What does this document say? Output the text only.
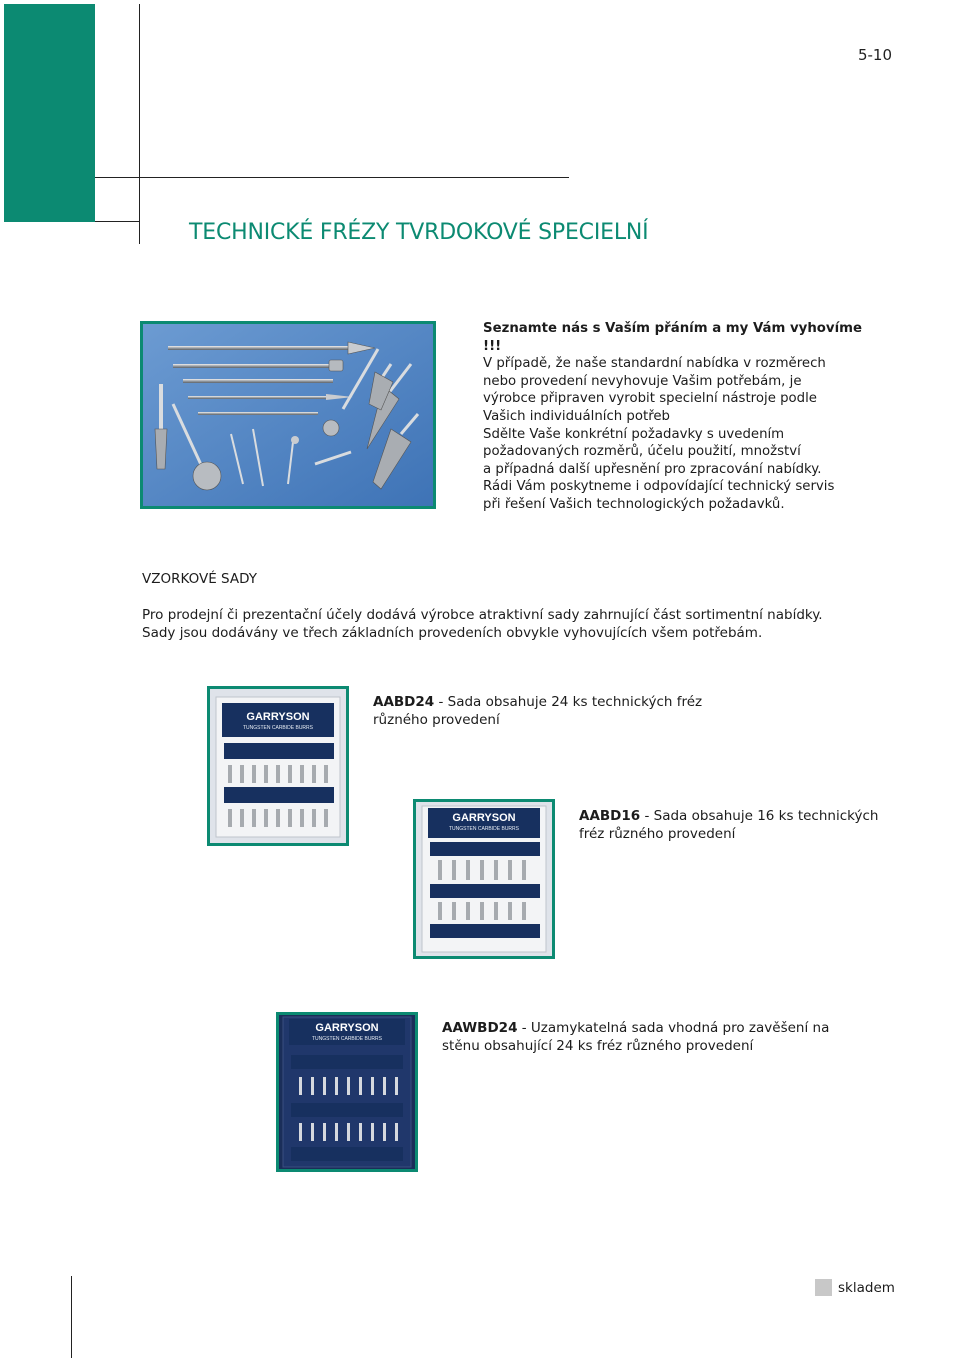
5-10
TECHNICKÉ FRÉZY TVRDOKOVÉ SPECIELNÍ
Seznamte nás s Vaším přáním a my Vám vyhovíme !!!
V případě, že naše standardní nabídka v rozměrech
nebo provedení nevyhovuje Vašim potřebám, je
výrobce připraven vyrobit specielní nástroje podle
Vašich individuálních potřeb
Sdělte Vaše konkrétní požadavky s uvedením
požadovaných rozměrů, účelu použití, množství
a případná další upřesnění pro zpracování nabídky.
Rádi Vám poskytneme i odpovídající technický servis
při řešení Vašich technologických požadavků.
VZORKOVÉ SADY
Pro prodejní či prezentační účely dodává výrobce atraktivní sady zahrnující část sortimentní nabídky.
Sady jsou dodávány ve třech základních provedeních obvykle vyhovujících všem potřebám.
GARRYSON
TUNGSTEN CARBIDE BURRS
AABD24 - Sada obsahuje 24 ks technických fréz
různého provedení
GARRYSON
TUNGSTEN CARBIDE BURRS
AABD16 - Sada obsahuje 16 ks technických
fréz různého provedení
GARRYSON
TUNGSTEN CARBIDE BURRS
AAWBD24 - Uzamykatelná sada vhodná pro zavěšení na
stěnu obsahující 24 ks fréz různého provedení
skladem
